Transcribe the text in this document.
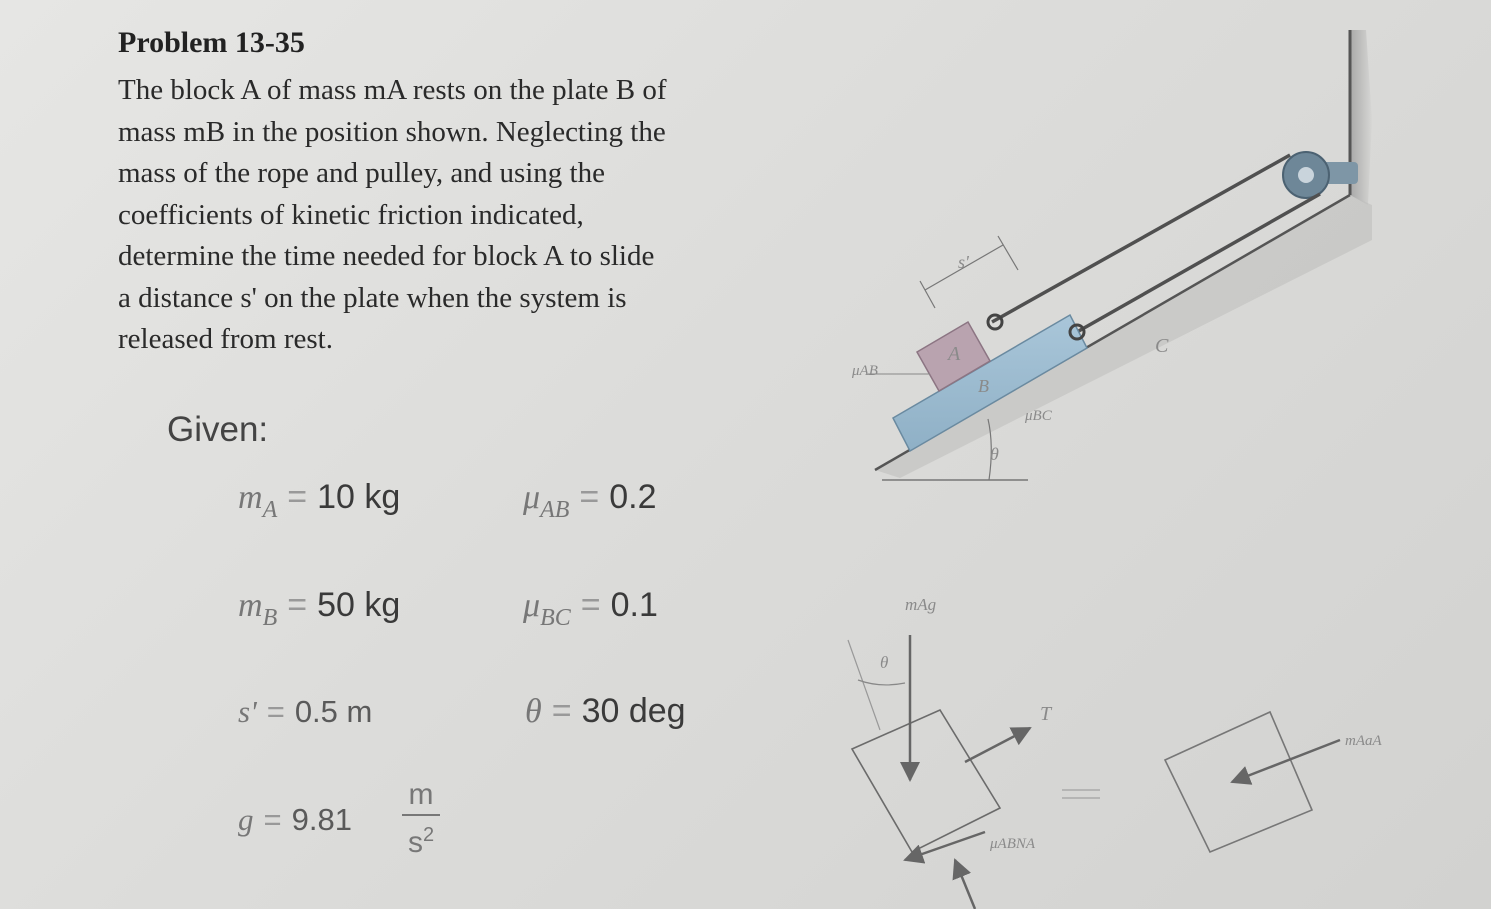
Problem 13-35
The block A of mass mA rests on the plate B of
mass mB in the position shown. Neglecting the
mass of the rope and pulley, and using the
coefficients of kinetic friction indicated,
determine the time needed for block A to slide
a distance s' on the plate when the system is
released from rest.
Given:
$m_A = 10$ kg	$\mu_{AB} = 0.2$
$m_B = 50$ kg	$\mu_{BC} = 0.1$
s' = 0.5 m	θ = 30 deg
g = 9.81
m
$s^2$
s'
A
B
C
μAB
μBC
θ
mAg
θ
T
μABNA
mAaA
